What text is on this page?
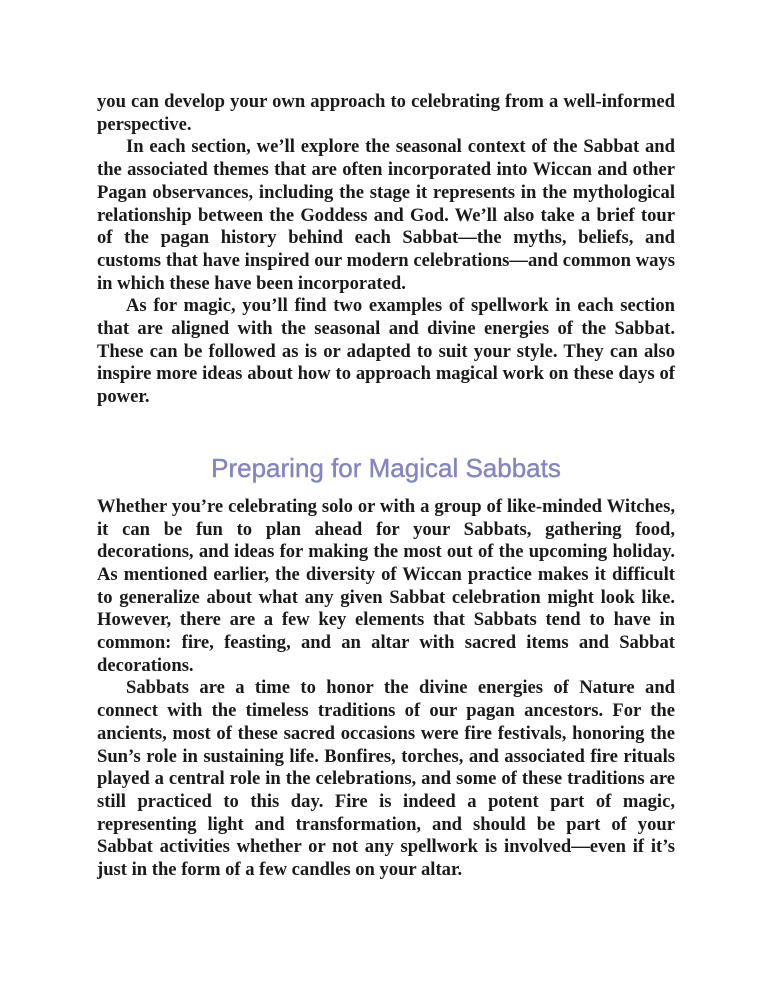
you can develop your own approach to celebrating from a well-informed perspective.

In each section, we’ll explore the seasonal context of the Sabbat and the associated themes that are often incorporated into Wiccan and other Pagan observances, including the stage it represents in the mythological relationship between the Goddess and God. We’ll also take a brief tour of the pagan history behind each Sabbat—the myths, beliefs, and customs that have inspired our modern celebrations—and common ways in which these have been incorporated.

As for magic, you’ll find two examples of spellwork in each section that are aligned with the seasonal and divine energies of the Sabbat. These can be followed as is or adapted to suit your style. They can also inspire more ideas about how to approach magical work on these days of power.

Preparing for Magical Sabbats

Whether you’re celebrating solo or with a group of like-minded Witches, it can be fun to plan ahead for your Sabbats, gathering food, decorations, and ideas for making the most out of the upcoming holiday. As mentioned earlier, the diversity of Wiccan practice makes it difficult to generalize about what any given Sabbat celebration might look like. However, there are a few key elements that Sabbats tend to have in common: fire, feasting, and an altar with sacred items and Sabbat decorations.

Sabbats are a time to honor the divine energies of Nature and connect with the timeless traditions of our pagan ancestors. For the ancients, most of these sacred occasions were fire festivals, honoring the Sun’s role in sustaining life. Bonfires, torches, and associated fire rituals played a central role in the celebrations, and some of these traditions are still practiced to this day. Fire is indeed a potent part of magic, representing light and transformation, and should be part of your Sabbat activities whether or not any spellwork is involved—even if it’s just in the form of a few candles on your altar.
